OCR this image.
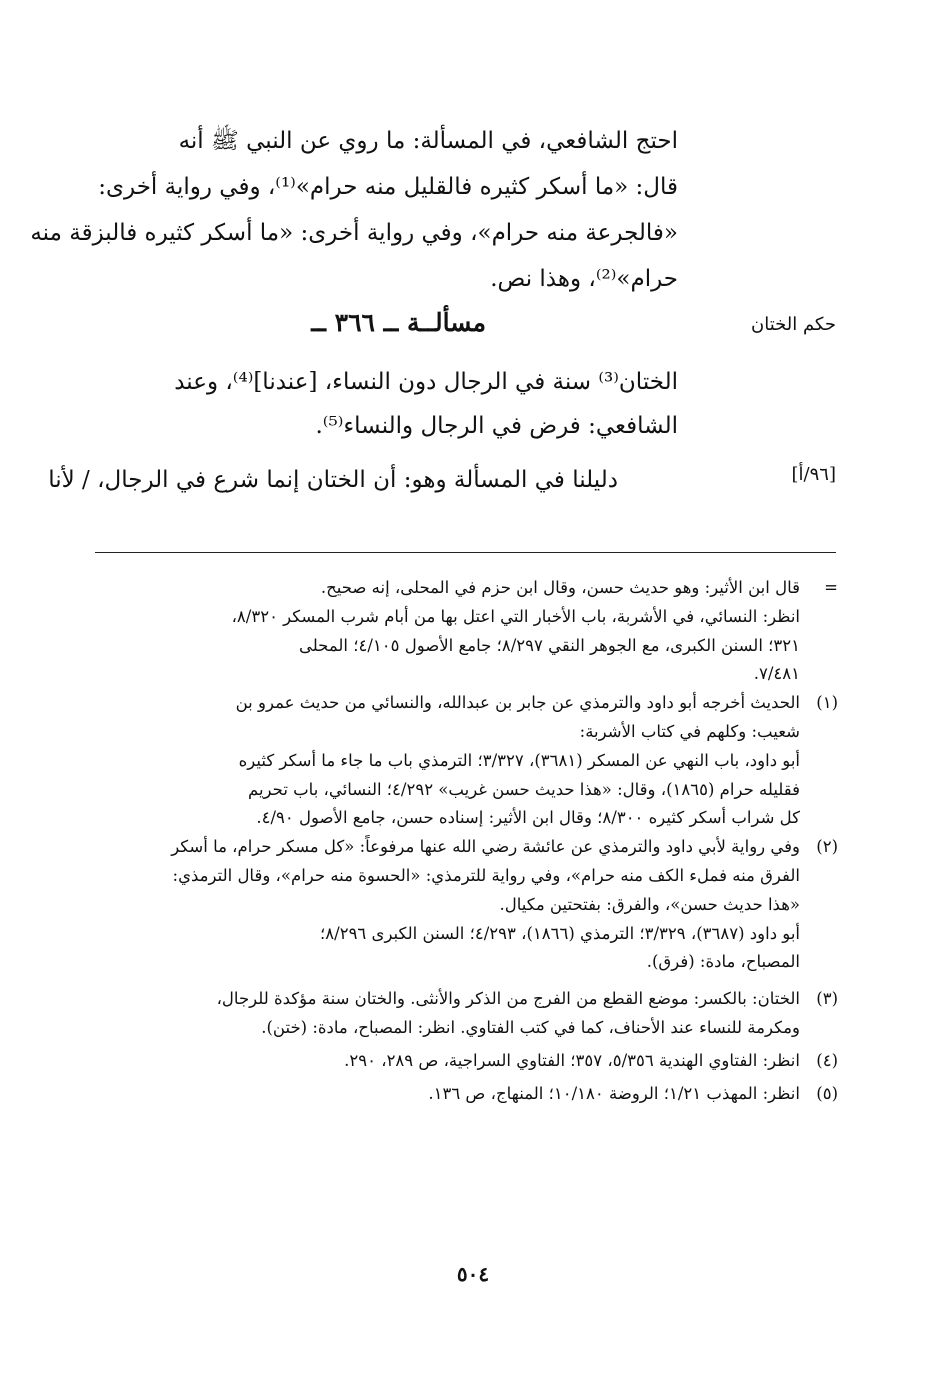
احتج الشافعي، في المسألة: ما روي عن النبي ﷺ أنه
قال: «ما أسكر كثيره فالقليل منه حرام»⁽¹⁾، وفي رواية أخرى:
«فالجرعة منه حرام»، وفي رواية أخرى: «ما أسكر كثيره فالبزقة منه
حرام»⁽²⁾، وهذا نص.
حكم الختان
مسألــة ــ ٣٦٦ ــ
الختان⁽³⁾ سنة في الرجال دون النساء، [عندنا]⁽⁴⁾، وعند
الشافعي: فرض في الرجال والنساء⁽⁵⁾.
[٩٦/أ]
دليلنا في المسألة وهو: أن الختان إنما شرع في الرجال، / لأنا
=
قال ابن الأثير: وهو حديث حسن، وقال ابن حزم في المحلى، إنه صحيح.
انظر: النسائي، في الأشربة، باب الأخبار التي اعتل بها من أبام شرب المسكر ٨/٣٢٠،
٣٢١؛ السنن الكبرى، مع الجوهر النقي ٨/٢٩٧؛ جامع الأصول ٤/١٠٥؛ المحلى
٧/٤٨١.
(١)
الحديث أخرجه أبو داود والترمذي عن جابر بن عبدالله، والنسائي من حديث عمرو بن
شعيب: وكلهم في كتاب الأشربة:
أبو داود، باب النهي عن المسكر (٣٦٨١)، ٣/٣٢٧؛ الترمذي باب ما جاء ما أسكر كثيره
فقليله حرام (١٨٦٥)، وقال: «هذا حديث حسن غريب» ٤/٢٩٢؛ النسائي، باب تحريم
كل شراب أسكر كثيره ٨/٣٠٠؛ وقال ابن الأثير: إسناده حسن، جامع الأصول ٤/٩٠.
(٢)
وفي رواية لأبي داود والترمذي عن عائشة رضي الله عنها مرفوعاً: «كل مسكر حرام، ما أسكر
الفرق منه فملء الكف منه حرام»، وفي رواية للترمذي: «الحسوة منه حرام»، وقال الترمذي:
«هذا حديث حسن»، والفرق: بفتحتين مكيال.
أبو داود (٣٦٨٧)، ٣/٣٢٩؛ الترمذي (١٨٦٦)، ٤/٢٩٣؛ السنن الكبرى ٨/٢٩٦؛
المصباح، مادة: (فرق).
(٣)
الختان: بالكسر: موضع القطع من الفرج من الذكر والأنثى. والختان سنة مؤكدة للرجال،
ومكرمة للنساء عند الأحناف، كما في كتب الفتاوي. انظر: المصباح، مادة: (ختن).
(٤)
انظر: الفتاوي الهندية ٥/٣٥٦، ٣٥٧؛ الفتاوي السراجية، ص ٢٨٩، ٢٩٠.
(٥)
انظر: المهذب ١/٢١؛ الروضة ١٠/١٨٠؛ المنهاج، ص ١٣٦.
٥٠٤
